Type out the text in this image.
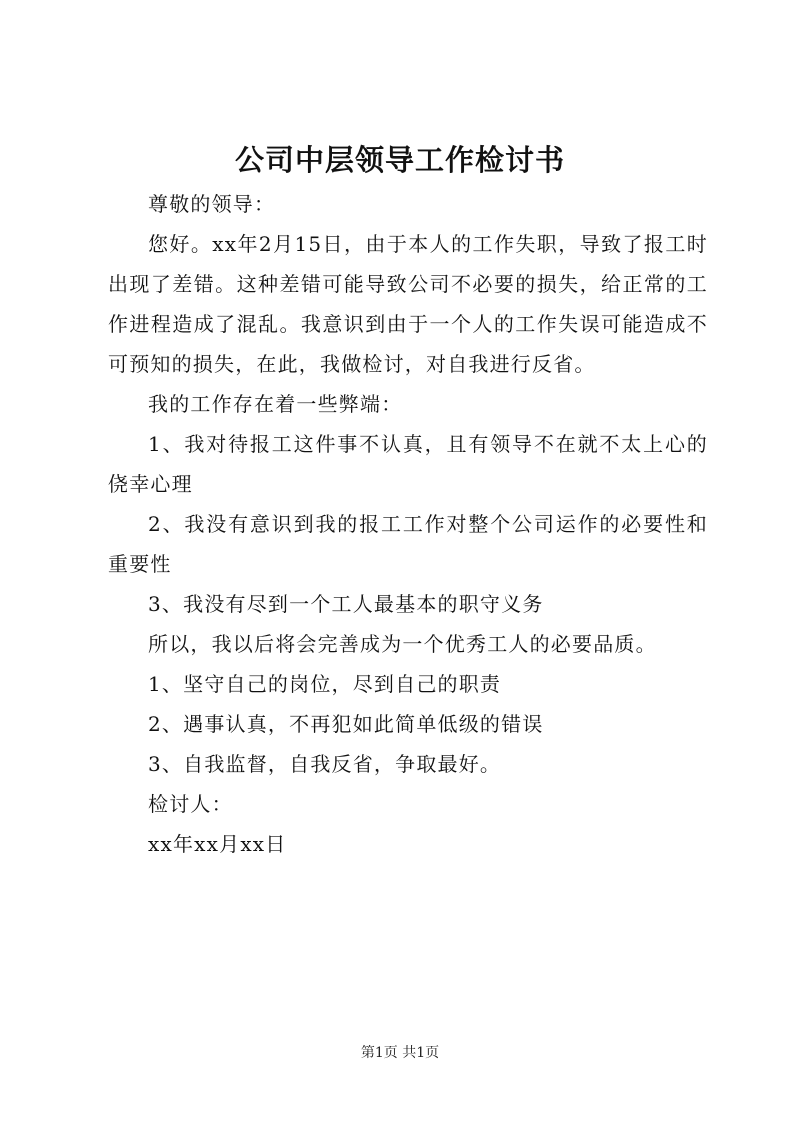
公司中层领导工作检讨书

尊敬的领导：

您好。xx年2月15日，由于本人的工作失职，导致了报工时出现了差错。这种差错可能导致公司不必要的损失，给正常的工作进程造成了混乱。我意识到由于一个人的工作失误可能造成不可预知的损失，在此，我做检讨，对自我进行反省。

我的工作存在着一些弊端：

1、我对待报工这件事不认真，且有领导不在就不太上心的侥幸心理

2、我没有意识到我的报工工作对整个公司运作的必要性和重要性

3、我没有尽到一个工人最基本的职守义务

所以，我以后将会完善成为一个优秀工人的必要品质。

1、坚守自己的岗位，尽到自己的职责

2、遇事认真，不再犯如此简单低级的错误

3、自我监督，自我反省，争取最好。

检讨人：

xx年xx月xx日

第1页 共1页
